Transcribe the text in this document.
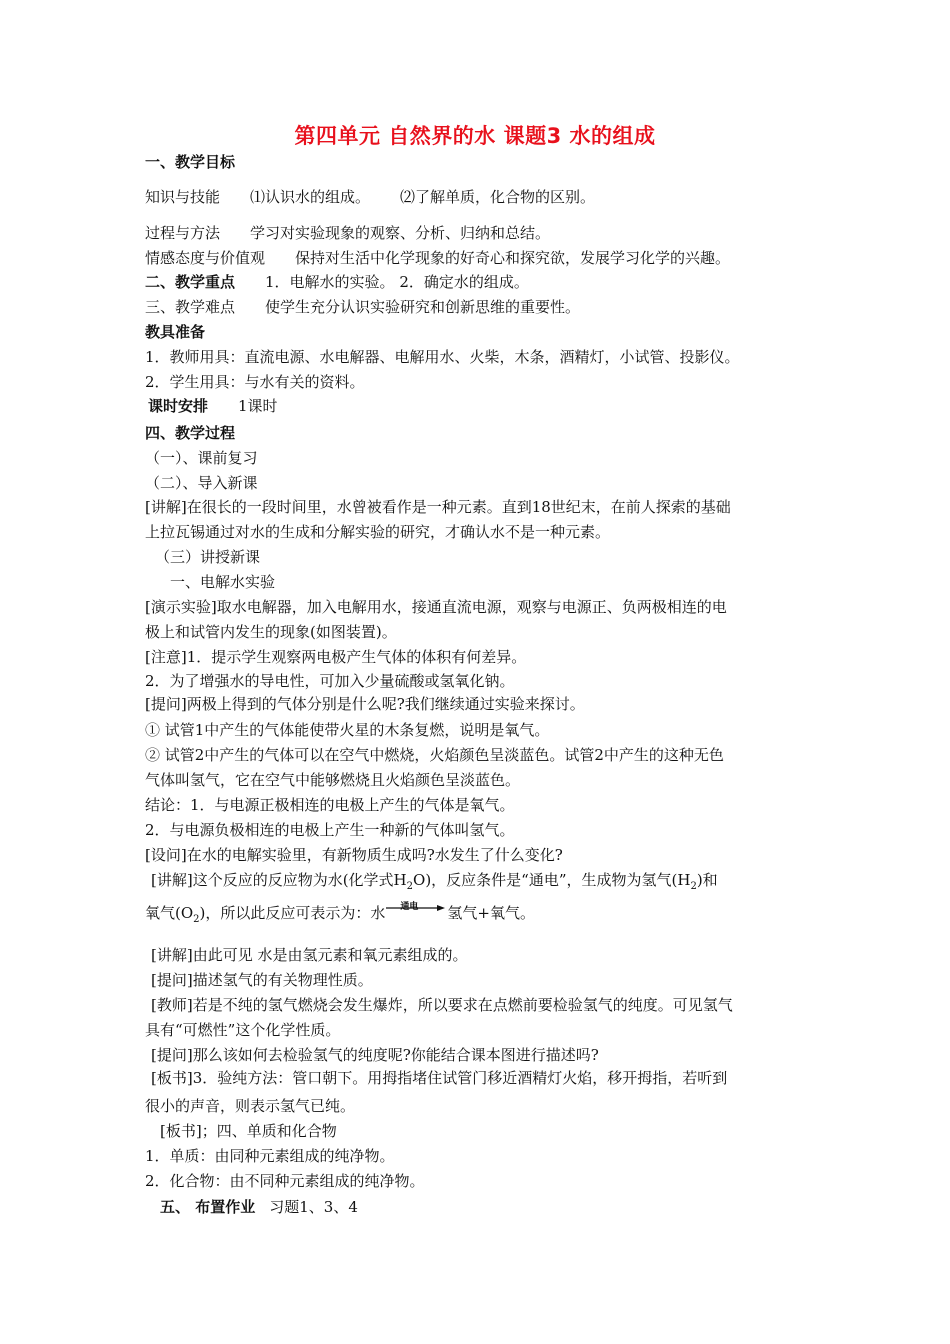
第四单元 自然界的水 课题3 水的组成
一、教学目标
知识与技能 ⑴认识水的组成。 ⑵了解单质，化合物的区别。
过程与方法 学习对实验现象的观察、分析、归纳和总结。
情感态度与价值观 保持对生活中化学现象的好奇心和探究欲，发展学习化学的兴趣。
二、教学重点 1．电解水的实验。 2．确定水的组成。
三、教学难点 使学生充分认识实验研究和创新思维的重要性。
教具准备
1．教师用具：直流电源、水电解器、电解用水、火柴，木条，酒精灯，小试管、投影仪。
2．学生用具：与水有关的资料。
课时安排 1课时
四、教学过程
（一）、课前复习
（二）、导入新课
[讲解]在很长的一段时间里，水曾被看作是一种元素。直到18世纪末，在前人探索的基础
上拉瓦锡通过对水的生成和分解实验的研究，才确认水不是一种元素。
（三）讲授新课
一、电解水实验
[演示实验]取水电解器，加入电解用水，接通直流电源，观察与电源正、负两极相连的电
极上和试管内发生的现象(如图装置)。
[注意]1．提示学生观察两电极产生气体的体积有何差异。
2．为了增强水的导电性，可加入少量硫酸或氢氧化钠。
[提问]两极上得到的气体分别是什么呢?我们继续通过实验来探讨。
① 试管1中产生的气体能使带火星的木条复燃，说明是氧气。
② 试管2中产生的气体可以在空气中燃烧，火焰颜色呈淡蓝色。试管2中产生的这种无色
气体叫氢气，它在空气中能够燃烧且火焰颜色呈淡蓝色。
结论：1．与电源正极相连的电极上产生的气体是氧气。
2．与电源负极相连的电极上产生一种新的气体叫氢气。
[设问]在水的电解实验里，有新物质生成吗?水发生了什么变化?
[讲解]这个反应的反应物为水(化学式$H_2O$)，反应条件是“通电”，生成物为氢气$(H_2)$和
氧气$(O_2)$，所以此反应可表示为：水 通电 氢气+氧气。
[讲解]由此可见 水是由氢元素和氧元素组成的。
[提问]描述氢气的有关物理性质。
[教师]若是不纯的氢气燃烧会发生爆炸，所以要求在点燃前要检验氢气的纯度。可见氢气
具有“可燃性”这个化学性质。
[提问]那么该如何去检验氢气的纯度呢?你能结合课本图进行描述吗?
[板书]3．验纯方法：管口朝下。用拇指堵住试管门移近酒精灯火焰，移开拇指，若听到
很小的声音，则表示氢气已纯。
[板书]；四、单质和化合物
1．单质：由同种元素组成的纯净物。
2．化合物：由不同种元素组成的纯净物。
五、 布置作业 习题1、3、4
